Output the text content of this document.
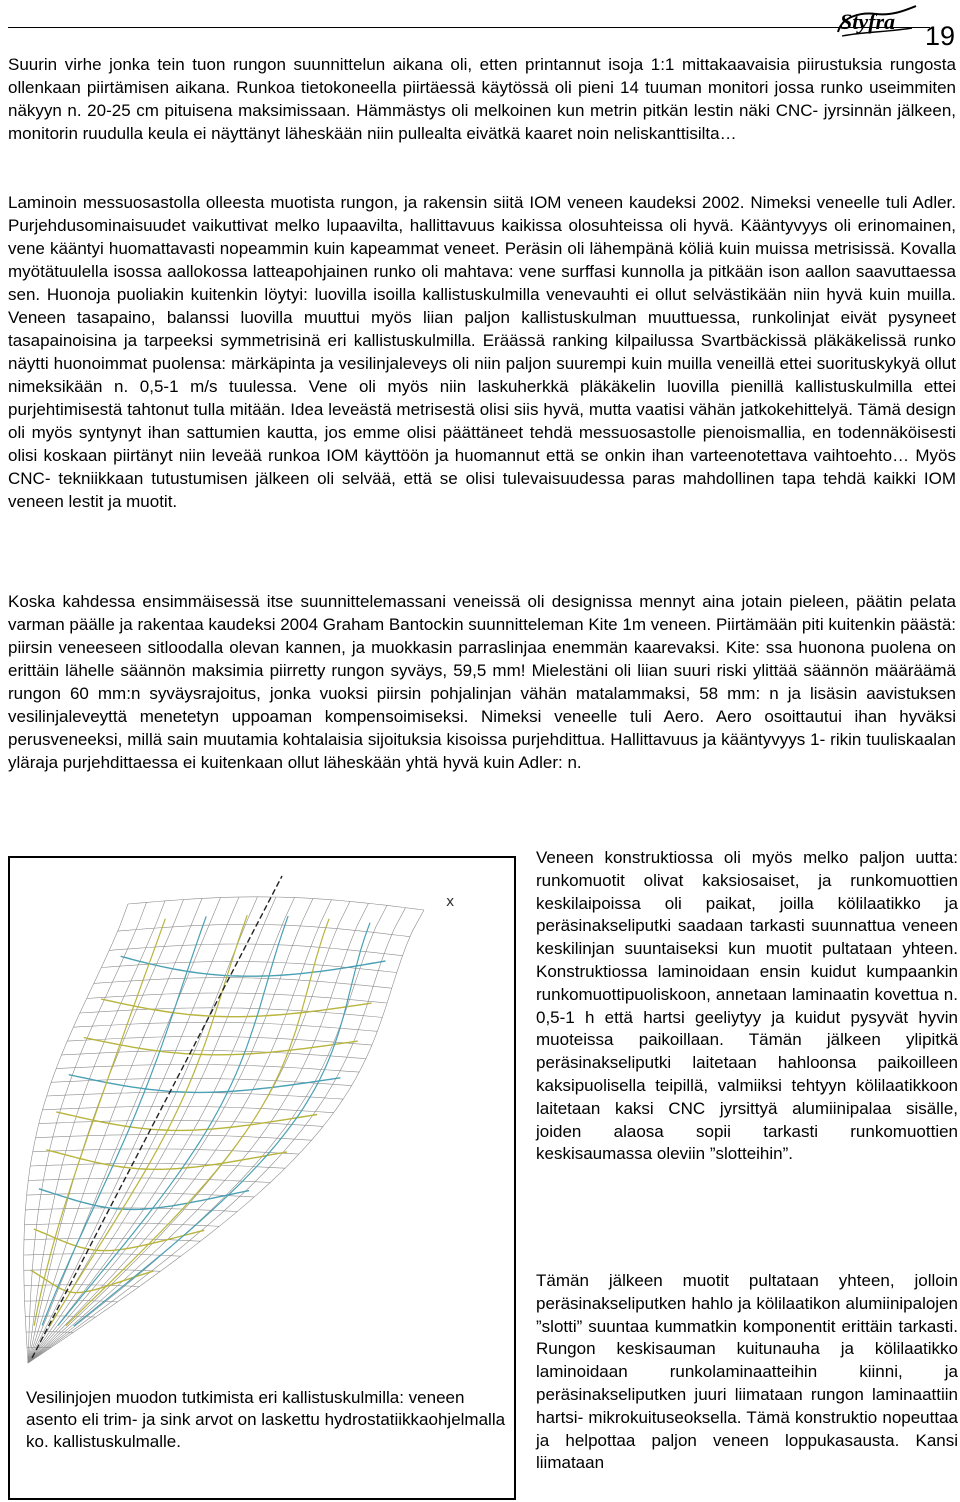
Styfra 19

Suurin virhe jonka tein tuon rungon suunnittelun aikana oli, etten printannut isoja 1:1 mittakaavaisia piirustuksia rungosta ollenkaan piirtämisen aikana. Runkoa tietokoneella piirtäessä käytössä oli pieni 14 tuuman monitori jossa runko useimmiten näkyyn n. 20-25 cm pituisena maksimissaan. Hämmästys oli melkoinen kun metrin pitkän lestin näki CNC- jyrsinnän jälkeen, monitorin ruudulla keula ei näyttänyt läheskään niin pullealta eivätkä kaaret noin neliskanttisilta…

Laminoin messuosastolla olleesta muotista rungon, ja rakensin siitä IOM veneen kaudeksi 2002. Nimeksi veneelle tuli Adler. Purjehdusominaisuudet vaikuttivat melko lupaavilta, hallittavuus kaikissa olosuhteissa oli hyvä. Kääntyvyys oli erinomainen, vene kääntyi huomattavasti nopeammin kuin kapeammat veneet. Peräsin oli lähempänä köliä kuin muissa metrisissä. Kovalla myötätuulella isossa aallokossa latteapohjainen runko oli mahtava: vene surffasi kunnolla ja pitkään ison aallon saavuttaessa sen. Huonoja puoliakin kuitenkin löytyi: luovilla isoilla kallistuskulmilla venevauhti ei ollut selvästikään niin hyvä kuin muilla. Veneen tasapaino, balanssi luovilla muuttui myös liian paljon kallistuskulman muuttuessa, runkolinjat eivät pysyneet tasapainoisina ja tarpeeksi symmetrisinä eri kallistuskulmilla. Eräässä ranking kilpailussa Svartbäckissä pläkäkelissä runko näytti huonoimmat puolensa: märkäpinta ja vesilinjaleveys oli niin paljon suurempi kuin muilla veneillä ettei suorituskykyä ollut nimeksikään n. 0,5-1 m/s tuulessa. Vene oli myös niin laskuherkkä pläkäkelin luovilla pienillä kallistuskulmilla ettei purjehtimisestä tahtonut tulla mitään. Idea leveästä metrisestä olisi siis hyvä, mutta vaatisi vähän jatkokehittelyä. Tämä design oli myös syntynyt ihan sattumien kautta, jos emme olisi päättäneet tehdä messuosastolle pienoismallia, en todennäköisesti olisi koskaan piirtänyt niin leveää runkoa IOM käyttöön ja huomannut että se onkin ihan varteenotettava vaihtoehto… Myös CNC- tekniikkaan tutustumisen jälkeen oli selvää, että se olisi tulevaisuudessa paras mahdollinen tapa tehdä kaikki IOM veneen lestit ja muotit.

Koska kahdessa ensimmäisessä itse suunnittelemassani veneissä oli designissa mennyt aina jotain pieleen, päätin pelata varman päälle ja rakentaa kaudeksi 2004 Graham Bantockin suunnitteleman Kite 1m veneen. Piirtämään piti kuitenkin päästä: piirsin veneeseen sitloodalla olevan kannen, ja muokkasin parraslinjaa enemmän kaarevaksi. Kite: ssa huonona puolena on erittäin lähelle säännön maksimia piirretty rungon syväys, 59,5 mm! Mielestäni oli liian suuri riski ylittää säännön määräämä rungon 60 mm:n syväysrajoitus, jonka vuoksi piirsin pohjalinjan vähän matalammaksi, 58 mm: n ja lisäsin aavistuksen vesilinjaleveyttä menetetyn uppoaman kompensoimiseksi. Nimeksi veneelle tuli Aero. Aero osoittautui ihan hyväksi perusveneeksi, millä sain muutamia kohtalaisia sijoituksia kisoissa purjehdittua. Hallittavuus ja kääntyvyys 1- rikin tuuliskaalan yläraja purjehdittaessa ei kuitenkaan ollut läheskään yhtä hyvä kuin Adler: n.

x

Vesilinjojen muodon tutkimista eri kallistuskulmilla: veneen asento eli trim- ja sink arvot on laskettu hydrostatiikkaohjelmalla ko. kallistuskulmalle.

Veneen konstruktiossa oli myös melko paljon uutta: runkomuotit olivat kaksiosaiset, ja runkomuottien keskilaipoissa oli paikat, joilla kölilaatikko ja peräsinakseliputki saadaan tarkasti suunnattua veneen keskilinjan suuntaiseksi kun muotit pultataan yhteen. Konstruktiossa laminoidaan ensin kuidut kumpaankin runkomuottipuoliskoon, annetaan laminaatin kovettua n. 0,5-1 h että hartsi geeliytyy ja kuidut pysyvät hyvin muoteissa paikoillaan. Tämän jälkeen ylipitkä peräsinakseliputki laitetaan hahloonsa paikoilleen kaksipuolisella teipillä, valmiiksi tehtyyn kölilaatikkoon laitetaan kaksi CNC jyrsittyä alumiinipalaa sisälle, joiden alaosa sopii tarkasti runkomuottien keskisaumassa oleviin ”slotteihin”.

Tämän jälkeen muotit pultataan yhteen, jolloin peräsinakseliputken hahlo ja kölilaatikon alumiinipalojen ”slotti” suuntaa kummatkin komponentit erittäin tarkasti. Rungon keskisauman kuitunauha ja kölilaatikko laminoidaan runkolaminaatteihin kiinni, ja peräsinakseliputken juuri liimataan rungon laminaattiin hartsi- mikrokuituseoksella. Tämä konstruktio nopeuttaa ja helpottaa paljon veneen loppukasausta. Kansi liimataan
